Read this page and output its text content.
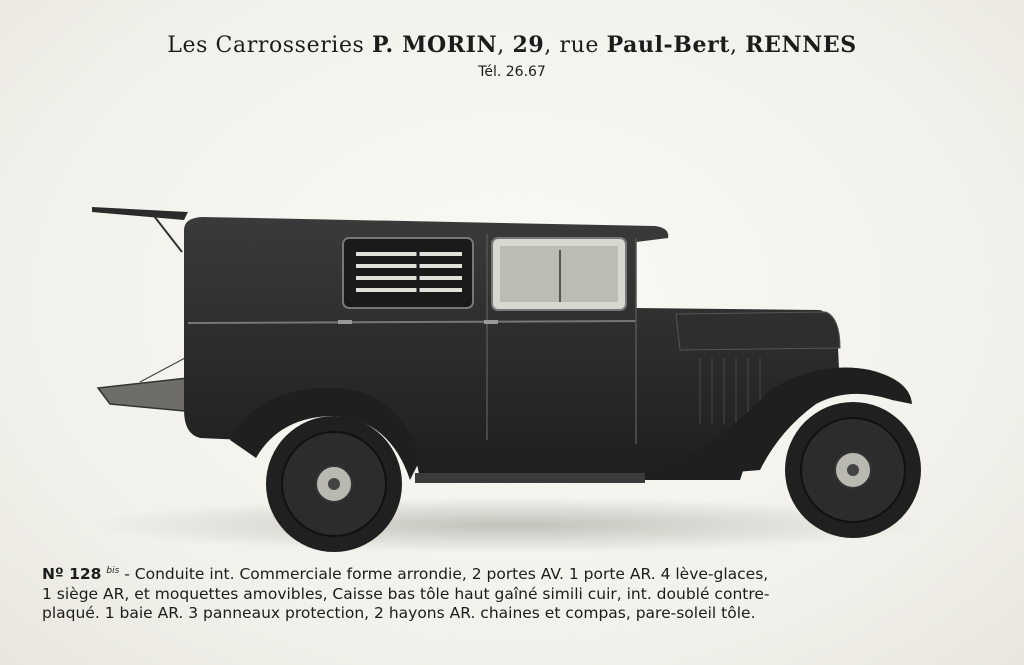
Les Carrosseries P. MORIN, 29, rue Paul-Bert, RENNES
Tél. 26.67
Nº 128 $^{bis}$ - Conduite int. Commerciale forme arrondie, 2 portes AV. 1 porte AR. 4 lève-glaces,
1 siège AR, et moquettes amovibles, Caisse bas tôle haut gaîné simili cuir, int. doublé contre-
plaqué. 1 baie AR. 3 panneaux protection, 2 hayons AR. chaines et compas, pare-soleil tôle.
